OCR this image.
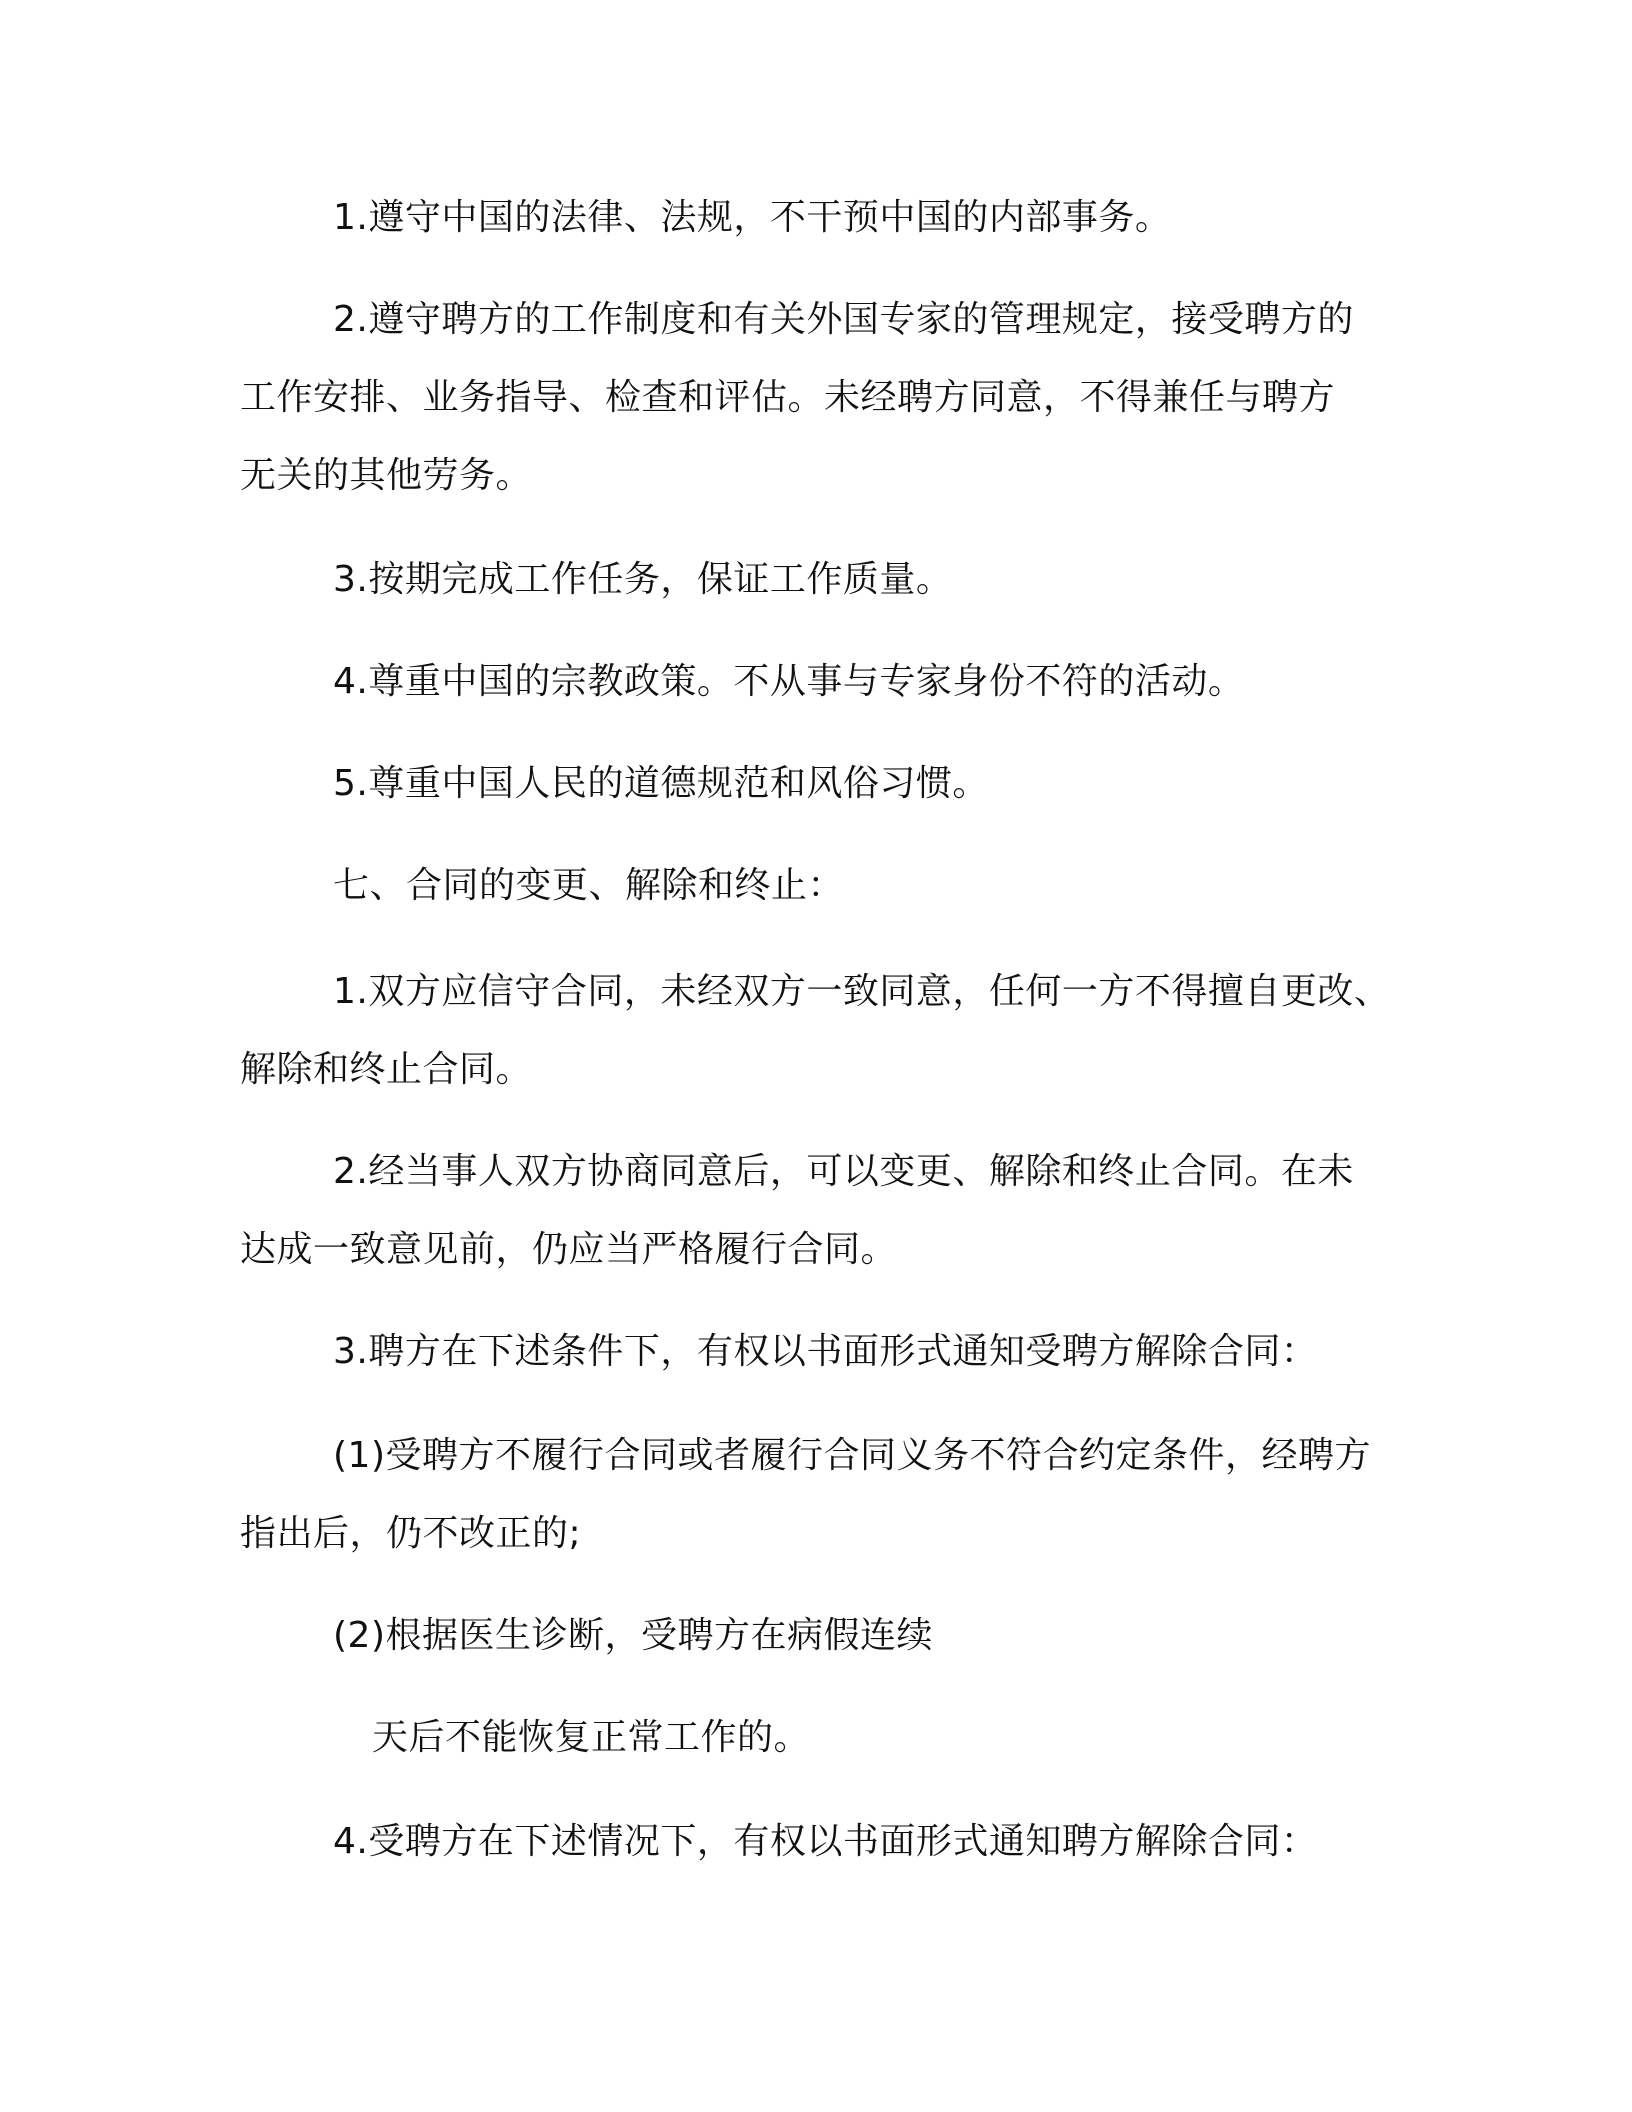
1.遵守中国的法律、法规，不干预中国的内部事务。
2.遵守聘方的工作制度和有关外国专家的管理规定，接受聘方的
工作安排、业务指导、检查和评估。未经聘方同意，不得兼任与聘方
无关的其他劳务。
3.按期完成工作任务，保证工作质量。
4.尊重中国的宗教政策。不从事与专家身份不符的活动。
5.尊重中国人民的道德规范和风俗习惯。
七、合同的变更、解除和终止：
1.双方应信守合同，未经双方一致同意，任何一方不得擅自更改、
解除和终止合同。
2.经当事人双方协商同意后，可以变更、解除和终止合同。在未
达成一致意见前，仍应当严格履行合同。
3.聘方在下述条件下，有权以书面形式通知受聘方解除合同：
(1)受聘方不履行合同或者履行合同义务不符合约定条件，经聘方
指出后，仍不改正的;
(2)根据医生诊断，受聘方在病假连续
天后不能恢复正常工作的。
4.受聘方在下述情况下，有权以书面形式通知聘方解除合同：
